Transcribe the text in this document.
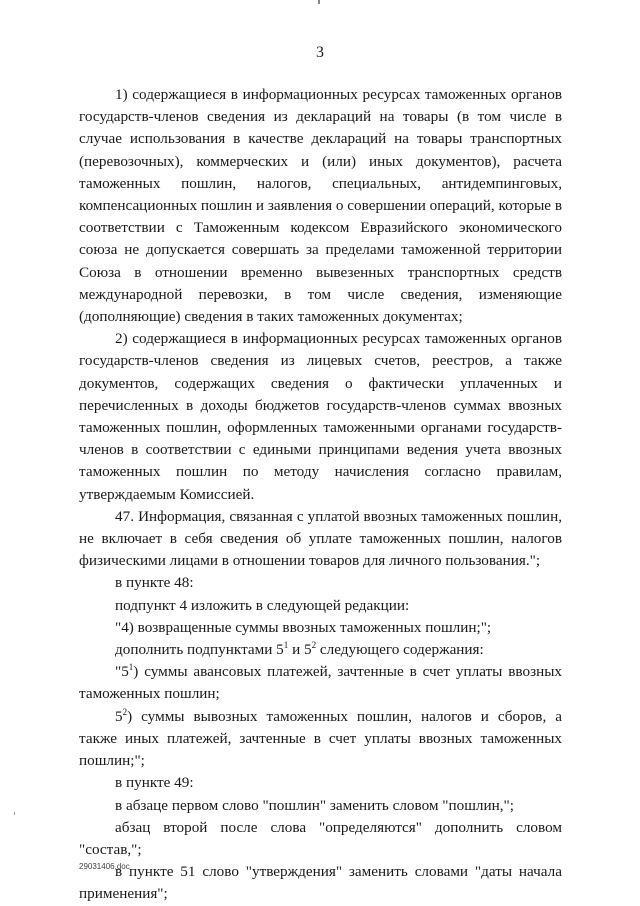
3

1) содержащиеся в информационных ресурсах таможенных органов государств-членов сведения из деклараций на товары (в том числе в случае использования в качестве деклараций на товары транспортных (перевозочных), коммерческих и (или) иных документов), расчета таможенных пошлин, налогов, специальных, антидемпинговых, компенсационных пошлин и заявления о совершении операций, которые в соответствии с Таможенным кодексом Евразийского экономического союза не допускается совершать за пределами таможенной территории Союза в отношении временно вывезенных транспортных средств международной перевозки, в том числе сведения, изменяющие (дополняющие) сведения в таких таможенных документах;

2) содержащиеся в информационных ресурсах таможенных органов государств-членов сведения из лицевых счетов, реестров, а также документов, содержащих сведения о фактически уплаченных и перечисленных в доходы бюджетов государств-членов суммах ввозных таможенных пошлин, оформленных таможенными органами государств-членов в соответствии с едиными принципами ведения учета ввозных таможенных пошлин по методу начисления согласно правилам, утверждаемым Комиссией.

47. Информация, связанная с уплатой ввозных таможенных пошлин, не включает в себя сведения об уплате таможенных пошлин, налогов физическими лицами в отношении товаров для личного пользования.";

в пункте 48:

подпункт 4 изложить в следующей редакции:

"4) возвращенные суммы ввозных таможенных пошлин;";

дополнить подпунктами $5^1$ и $5^2$ следующего содержания:

"$5^1$) суммы авансовых платежей, зачтенные в счет уплаты ввозных таможенных пошлин;

$5^2$) суммы вывозных таможенных пошлин, налогов и сборов, а также иных платежей, зачтенные в счет уплаты ввозных таможенных пошлин;";

в пункте 49:

в абзаце первом слово "пошлин" заменить словом "пошлин,";

абзац второй после слова "определяются" дополнить словом "состав,";

в пункте 51 слово "утверждения" заменить словами "даты начала применения";

29031406.doc
